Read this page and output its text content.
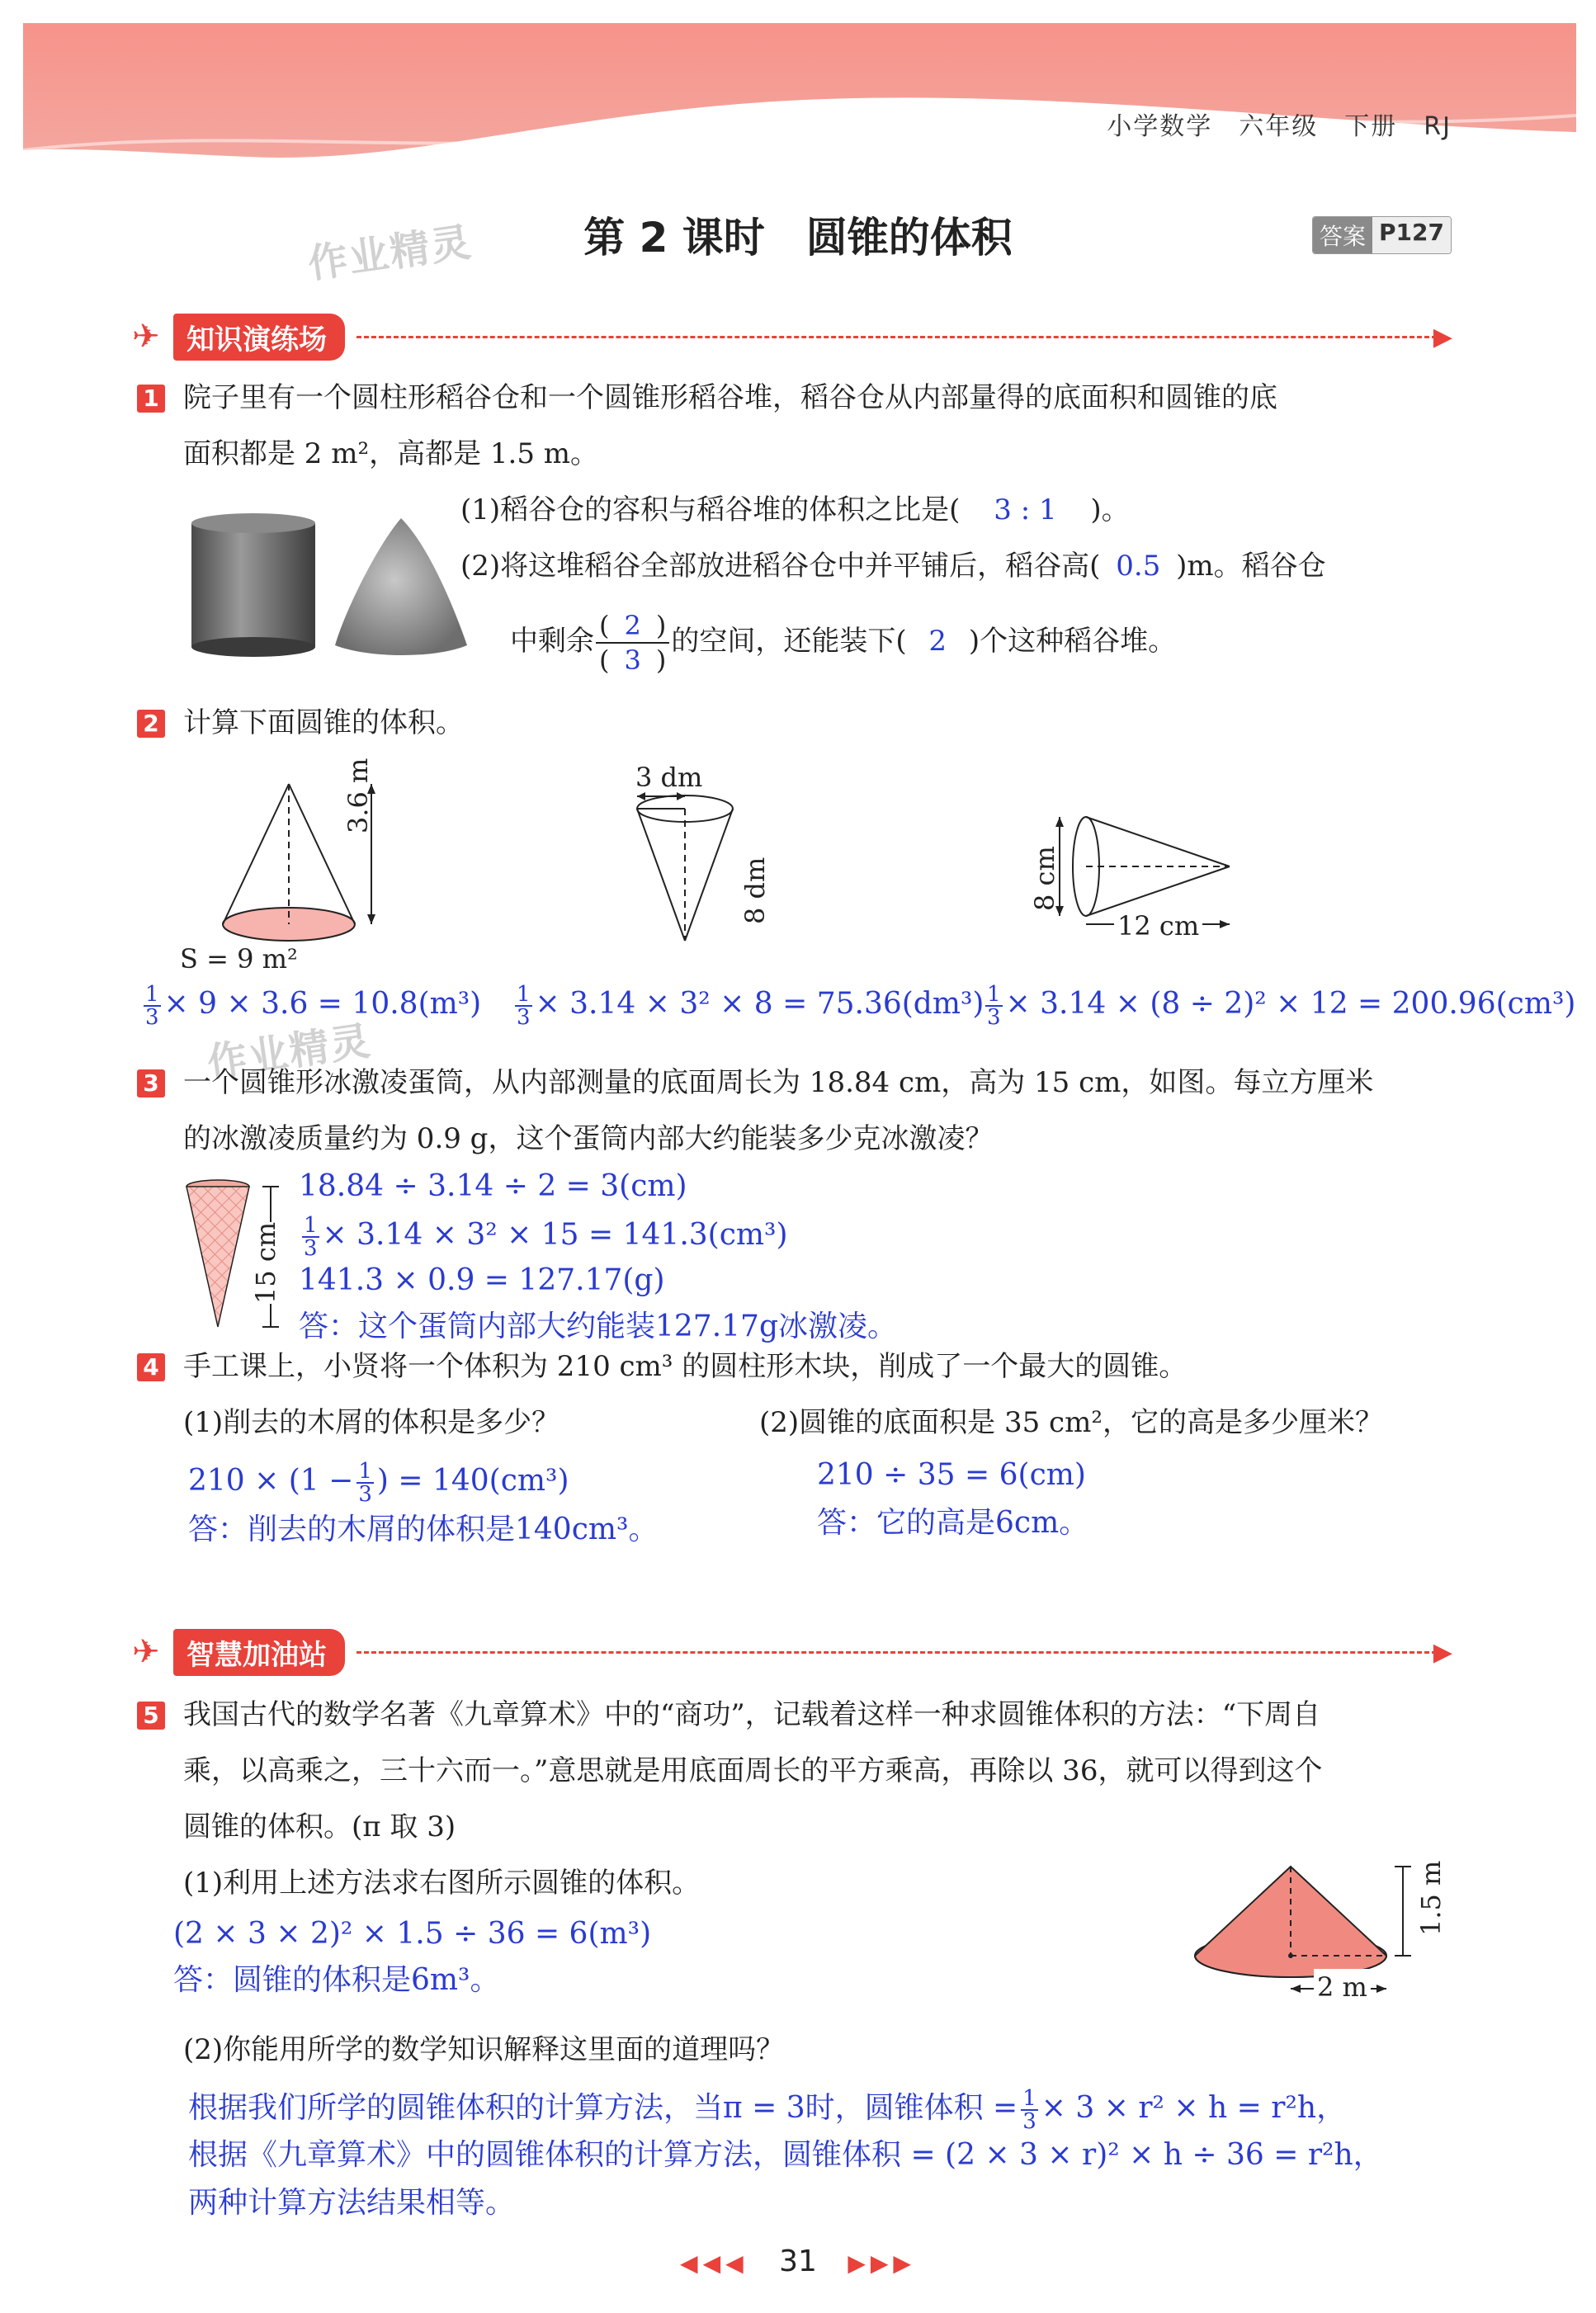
小学数学　六年级　下册　RJ
第 2 课时　圆锥的体积
作业精灵	答案 P127
✈ 知识演练场	▶
1 院子里有一个圆柱形稻谷仓和一个圆锥形稻谷堆，稻谷仓从内部量得的底面积和圆锥的底
面积都是 2 m²，高都是 1.5 m。
(1)稻谷仓的容积与稻谷堆的体积之比是( 3 : 1 )。
(2)将这堆稻谷全部放进稻谷仓中并平铺后，稻谷高( 0.5 )m。稻谷仓
中剩余 $\frac{( 2 )}{( 3 )}$ 的空间，还能装下( 2 )个这种稻谷堆。
2 计算下面圆锥的体积。
3.6 m
S = 9 m²
3 dm
8 dm	8 cm
12 cm
$\frac{1}{3} \times 9 \times 3.6 = 10.8(m^3) \frac{1}{3} \times 3.14 \times 3^2 \times 8 = 75.36(dm^3) \frac{1}{3} \times 3.14 \times (8 \div 2)^2 \times 12 = 200.96(cm^3)$
作业精灵
3 一个圆锥形冰激凌蛋筒，从内部测量的底面周长为 18.84 cm，高为 15 cm，如图。每立方厘米
的冰激凌质量约为 0.9 g，这个蛋筒内部大约能装多少克冰激凌？
15 cm
18.84 ÷ 3.14 ÷ 2 = 3(cm)
$\frac{1}{3} \times 3.14 \times 3^2 \times 15 = 141.3(cm^3)$
141.3 × 0.9 = 127.17(g)
答：这个蛋筒内部大约能装127.17g冰激凌。
4 手工课上，小贤将一个体积为 210 cm³ 的圆柱形木块，削成了一个最大的圆锥。
(1)削去的木屑的体积是多少？	(2)圆锥的底面积是 35 cm²，它的高是多少厘米？
$210 \times (1 - \frac{1}{3}$ ) = 140(cm³)
答：削去的木屑的体积是140cm³。
210 ÷ 35 = 6(cm)
答：它的高是6cm。
✈ 智慧加油站	▶
5 我国古代的数学名著《九章算术》中的“商功”，记载着这样一种求圆锥体积的方法：“下周自
乘，以高乘之，三十六而一。”意思就是用底面周长的平方乘高，再除以 36，就可以得到这个
圆锥的体积。(π 取 3)
(1)利用上述方法求右图所示圆锥的体积。
(2 × 3 × 2)² × 1.5 ÷ 36 = 6(m³)
答：圆锥的体积是6m³。
1.5 m
2 m
(2)你能用所学的数学知识解释这里面的道理吗？
根据我们所学的圆锥体积的计算方法，当π = 3时，圆锥体积 = $\frac{1}{3} \times 3 \times r^2 \times h = r^2h$，
根据《九章算术》中的圆锥体积的计算方法，圆锥体积 = (2 × 3 × r)² × h ÷ 36 = r²h，
两种计算方法结果相等。
◀◀◀ 31 ▶▶▶
